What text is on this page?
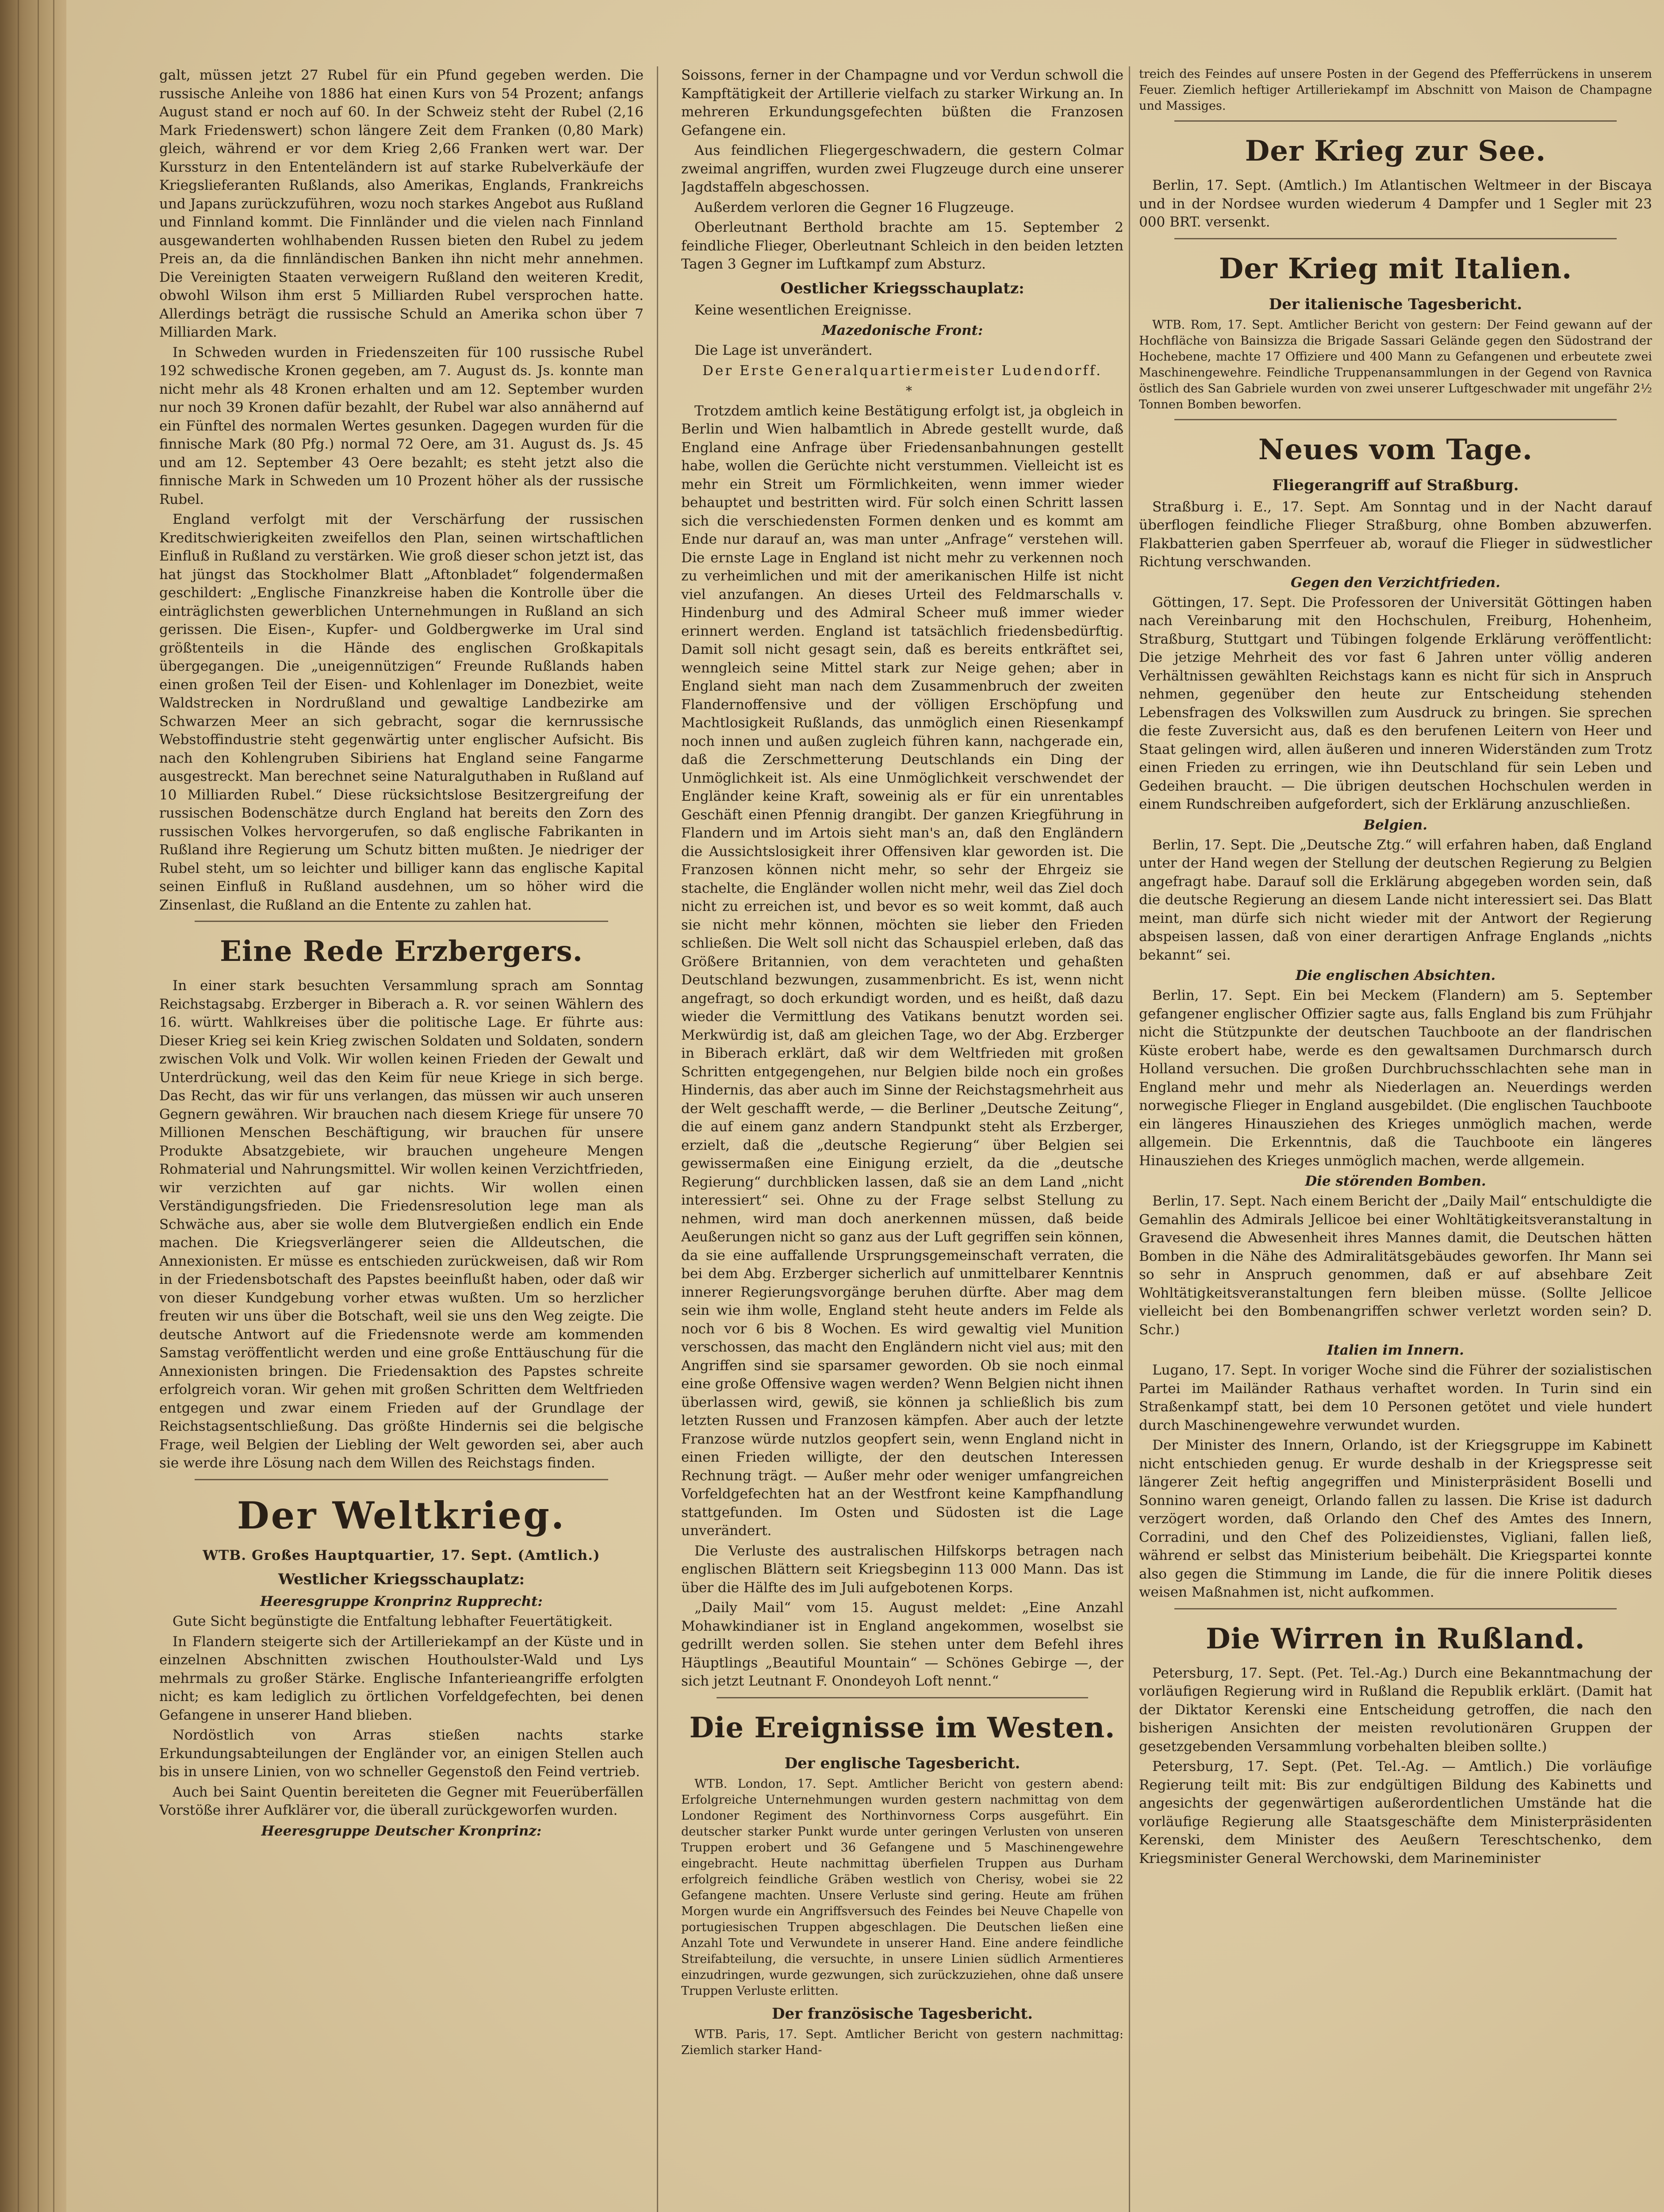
galt, müssen jetzt 27 Rubel für ein Pfund gegeben werden. Die russische Anleihe von 1886 hat einen Kurs von 54 Prozent; anfangs August stand er noch auf 60. In der Schweiz steht der Rubel (2,16 Mark Friedenswert) schon längere Zeit dem Franken (0,80 Mark) gleich, während er vor dem Krieg 2,66 Franken wert war. Der Kurssturz in den Ententeländern ist auf starke Rubelverkäufe der Kriegslieferanten Rußlands, also Amerikas, Englands, Frankreichs und Japans zurückzuführen, wozu noch starkes Angebot aus Rußland und Finnland kommt. Die Finnländer und die vielen nach Finnland ausgewanderten wohlhabenden Russen bieten den Rubel zu jedem Preis an, da die finnländischen Banken ihn nicht mehr annehmen. Die Vereinigten Staaten verweigern Rußland den weiteren Kredit, obwohl Wilson ihm erst 5 Milliarden Rubel versprochen hatte. Allerdings beträgt die russische Schuld an Amerika schon über 7 Milliarden Mark.

In Schweden wurden in Friedenszeiten für 100 russische Rubel 192 schwedische Kronen gegeben, am 7. August ds. Js. konnte man nicht mehr als 48 Kronen erhalten und am 12. September wurden nur noch 39 Kronen dafür bezahlt, der Rubel war also annähernd auf ein Fünftel des normalen Wertes gesunken. Dagegen wurden für die finnische Mark (80 Pfg.) normal 72 Oere, am 31. August ds. Js. 45 und am 12. September 43 Oere bezahlt; es steht jetzt also die finnische Mark in Schweden um 10 Prozent höher als der russische Rubel.

England verfolgt mit der Verschärfung der russischen Kreditschwierigkeiten zweifellos den Plan, seinen wirtschaftlichen Einfluß in Rußland zu verstärken. Wie groß dieser schon jetzt ist, das hat jüngst das Stockholmer Blatt „Aftonbladet“ folgendermaßen geschildert: „Englische Finanzkreise haben die Kontrolle über die einträglichsten gewerblichen Unternehmungen in Rußland an sich gerissen. Die Eisen-, Kupfer- und Goldbergwerke im Ural sind größtenteils in die Hände des englischen Großkapitals übergegangen. Die „uneigennützigen“ Freunde Rußlands haben einen großen Teil der Eisen- und Kohlenlager im Donezbiet, weite Waldstrecken in Nordrußland und gewaltige Landbezirke am Schwarzen Meer an sich gebracht, sogar die kernrussische Webstoffindustrie steht gegenwärtig unter englischer Aufsicht. Bis nach den Kohlengruben Sibiriens hat England seine Fangarme ausgestreckt. Man berechnet seine Naturalguthaben in Rußland auf 10 Milliarden Rubel.“ Diese rücksichtslose Besitzergreifung der russischen Bodenschätze durch England hat bereits den Zorn des russischen Volkes hervorgerufen, so daß englische Fabrikanten in Rußland ihre Regierung um Schutz bitten mußten. Je niedriger der Rubel steht, um so leichter und billiger kann das englische Kapital seinen Einfluß in Rußland ausdehnen, um so höher wird die Zinsenlast, die Rußland an die Entente zu zahlen hat.

Eine Rede Erzbergers.

In einer stark besuchten Versammlung sprach am Sonntag Reichstagsabg. Erzberger in Biberach a. R. vor seinen Wählern des 16. württ. Wahlkreises über die politische Lage. Er führte aus: Dieser Krieg sei kein Krieg zwischen Soldaten und Soldaten, sondern zwischen Volk und Volk. Wir wollen keinen Frieden der Gewalt und Unterdrückung, weil das den Keim für neue Kriege in sich berge. Das Recht, das wir für uns verlangen, das müssen wir auch unseren Gegnern gewähren. Wir brauchen nach diesem Kriege für unsere 70 Millionen Menschen Beschäftigung, wir brauchen für unsere Produkte Absatzgebiete, wir brauchen ungeheure Mengen Rohmaterial und Nahrungsmittel. Wir wollen keinen Verzichtfrieden, wir verzichten auf gar nichts. Wir wollen einen Verständigungsfrieden. Die Friedensresolution lege man als Schwäche aus, aber sie wolle dem Blutvergießen endlich ein Ende machen. Die Kriegsverlängerer seien die Alldeutschen, die Annexionisten. Er müsse es entschieden zurückweisen, daß wir Rom in der Friedensbotschaft des Papstes beeinflußt haben, oder daß wir von dieser Kundgebung vorher etwas wußten. Um so herzlicher freuten wir uns über die Botschaft, weil sie uns den Weg zeigte. Die deutsche Antwort auf die Friedensnote werde am kommenden Samstag veröffentlicht werden und eine große Enttäuschung für die Annexionisten bringen. Die Friedensaktion des Papstes schreite erfolgreich voran. Wir gehen mit großen Schritten dem Weltfrieden entgegen und zwar einem Frieden auf der Grundlage der Reichstagsentschließung. Das größte Hindernis sei die belgische Frage, weil Belgien der Liebling der Welt geworden sei, aber auch sie werde ihre Lösung nach dem Willen des Reichstags finden.

Der Weltkrieg.

WTB. Großes Hauptquartier, 17. Sept. (Amtlich.)

Westlicher Kriegsschauplatz:
Heeresgruppe Kronprinz Rupprecht:

Gute Sicht begünstigte die Entfaltung lebhafter Feuertätigkeit.

In Flandern steigerte sich der Artilleriekampf an der Küste und in einzelnen Abschnitten zwischen Houthoulster-Wald und Lys mehrmals zu großer Stärke. Englische Infanterieangriffe erfolgten nicht; es kam lediglich zu örtlichen Vorfeldgefechten, bei denen Gefangene in unserer Hand blieben.

Nordöstlich von Arras stießen nachts starke Erkundungsabteilungen der Engländer vor, an einigen Stellen auch bis in unsere Linien, von wo schneller Gegenstoß den Feind vertrieb.

Auch bei Saint Quentin bereiteten die Gegner mit Feuerüberfällen Vorstöße ihrer Aufklärer vor, die überall zurückgeworfen wurden.

Heeresgruppe Deutscher Kronprinz:

Soissons, ferner in der Champagne und vor Verdun schwoll die Kampftätigkeit der Artillerie vielfach zu starker Wirkung an. In mehreren Erkundungsgefechten büßten die Franzosen Gefangene ein.

Aus feindlichen Fliegergeschwadern, die gestern Colmar zweimal angriffen, wurden zwei Flugzeuge durch eine unserer Jagdstaffeln abgeschossen.

Außerdem verloren die Gegner 16 Flugzeuge.

Oberleutnant Berthold brachte am 15. September 2 feindliche Flieger, Oberleutnant Schleich in den beiden letzten Tagen 3 Gegner im Luftkampf zum Absturz.

Oestlicher Kriegsschauplatz:

Keine wesentlichen Ereignisse.

Mazedonische Front:

Die Lage ist unverändert.

Der Erste Generalquartiermeister Ludendorff.

*

Trotzdem amtlich keine Bestätigung erfolgt ist, ja obgleich in Berlin und Wien halbamtlich in Abrede gestellt wurde, daß England eine Anfrage über Friedensanbahnungen gestellt habe, wollen die Gerüchte nicht verstummen. Vielleicht ist es mehr ein Streit um Förmlichkeiten, wenn immer wieder behauptet und bestritten wird. Für solch einen Schritt lassen sich die verschiedensten Formen denken und es kommt am Ende nur darauf an, was man unter „Anfrage“ verstehen will. Die ernste Lage in England ist nicht mehr zu verkennen noch zu verheimlichen und mit der amerikanischen Hilfe ist nicht viel anzufangen. An dieses Urteil des Feldmarschalls v. Hindenburg und des Admiral Scheer muß immer wieder erinnert werden. England ist tatsächlich friedensbedürftig. Damit soll nicht gesagt sein, daß es bereits entkräftet sei, wenngleich seine Mittel stark zur Neige gehen; aber in England sieht man nach dem Zusammenbruch der zweiten Flandernoffensive und der völligen Erschöpfung und Machtlosigkeit Rußlands, das unmöglich einen Riesenkampf noch innen und außen zugleich führen kann, nachgerade ein, daß die Zerschmetterung Deutschlands ein Ding der Unmöglichkeit ist. Als eine Unmöglichkeit verschwendet der Engländer keine Kraft, soweinig als er für ein unrentables Geschäft einen Pfennig drangibt. Der ganzen Kriegführung in Flandern und im Artois sieht man's an, daß den Engländern die Aussichtslosigkeit ihrer Offensiven klar geworden ist. Die Franzosen können nicht mehr, so sehr der Ehrgeiz sie stachelte, die Engländer wollen nicht mehr, weil das Ziel doch nicht zu erreichen ist, und bevor es so weit kommt, daß auch sie nicht mehr können, möchten sie lieber den Frieden schließen. Die Welt soll nicht das Schauspiel erleben, daß das Größere Britannien, von dem verachteten und gehaßten Deutschland bezwungen, zusammenbricht. Es ist, wenn nicht angefragt, so doch erkundigt worden, und es heißt, daß dazu wieder die Vermittlung des Vatikans benutzt worden sei. Merkwürdig ist, daß am gleichen Tage, wo der Abg. Erzberger in Biberach erklärt, daß wir dem Weltfrieden mit großen Schritten entgegengehen, nur Belgien bilde noch ein großes Hindernis, das aber auch im Sinne der Reichstagsmehrheit aus der Welt geschafft werde, — die Berliner „Deutsche Zeitung“, die auf einem ganz andern Standpunkt steht als Erzberger, erzielt, daß die „deutsche Regierung“ über Belgien sei gewissermaßen eine Einigung erzielt, da die „deutsche Regierung“ durchblicken lassen, daß sie an dem Land „nicht interessiert“ sei. Ohne zu der Frage selbst Stellung zu nehmen, wird man doch anerkennen müssen, daß beide Aeußerungen nicht so ganz aus der Luft gegriffen sein können, da sie eine auffallende Ursprungsgemeinschaft verraten, die bei dem Abg. Erzberger sicherlich auf unmittelbarer Kenntnis innerer Regierungsvorgänge beruhen dürfte. Aber mag dem sein wie ihm wolle, England steht heute anders im Felde als noch vor 6 bis 8 Wochen. Es wird gewaltig viel Munition verschossen, das macht den Engländern nicht viel aus; mit den Angriffen sind sie sparsamer geworden. Ob sie noch einmal eine große Offensive wagen werden? Wenn Belgien nicht ihnen überlassen wird, gewiß, sie können ja schließlich bis zum letzten Russen und Franzosen kämpfen. Aber auch der letzte Franzose würde nutzlos geopfert sein, wenn England nicht in einen Frieden willigte, der den deutschen Interessen Rechnung trägt. — Außer mehr oder weniger umfangreichen Vorfeldgefechten hat an der Westfront keine Kampfhandlung stattgefunden. Im Osten und Südosten ist die Lage unverändert.

Die Verluste des australischen Hilfskorps betragen nach englischen Blättern seit Kriegsbeginn 113 000 Mann. Das ist über die Hälfte des im Juli aufgebotenen Korps.

„Daily Mail“ vom 15. August meldet: „Eine Anzahl Mohawkindianer ist in England angekommen, woselbst sie gedrillt werden sollen. Sie stehen unter dem Befehl ihres Häuptlings „Beautiful Mountain“ — Schönes Gebirge —, der sich jetzt Leutnant F. Onondeyoh Loft nennt.“

Die Ereignisse im Westen.
Der englische Tagesbericht.

WTB. London, 17. Sept. Amtlicher Bericht von gestern abend: Erfolgreiche Unternehmungen wurden gestern nachmittag von dem Londoner Regiment des Northinvorness Corps ausgeführt. Ein deutscher starker Punkt wurde unter geringen Verlusten von unseren Truppen erobert und 36 Gefangene und 5 Maschinengewehre eingebracht. Heute nachmittag überfielen Truppen aus Durham erfolgreich feindliche Gräben westlich von Cherisy, wobei sie 22 Gefangene machten. Unsere Verluste sind gering. Heute am frühen Morgen wurde ein Angriffsversuch des Feindes bei Neuve Chapelle von portugiesischen Truppen abgeschlagen. Die Deutschen ließen eine Anzahl Tote und Verwundete in unserer Hand. Eine andere feindliche Streifabteilung, die versuchte, in unsere Linien südlich Armentieres einzudringen, wurde gezwungen, sich zurückzuziehen, ohne daß unsere Truppen Verluste erlitten.

Der französische Tagesbericht.

WTB. Paris, 17. Sept. Amtlicher Bericht von gestern nachmittag: Ziemlich starker Hand-

treich des Feindes auf unsere Posten in der Gegend des Pfefferrückens in unserem Feuer. Ziemlich heftiger Artilleriekampf im Abschnitt von Maison de Champagne und Massiges.

Der Krieg zur See.

Berlin, 17. Sept. (Amtlich.) Im Atlantischen Weltmeer in der Biscaya und in der Nordsee wurden wiederum 4 Dampfer und 1 Segler mit 23 000 BRT. versenkt.

Der Krieg mit Italien.
Der italienische Tagesbericht.

WTB. Rom, 17. Sept. Amtlicher Bericht von gestern: Der Feind gewann auf der Hochfläche von Bainsizza die Brigade Sassari Gelände gegen den Südostrand der Hochebene, machte 17 Offiziere und 400 Mann zu Gefangenen und erbeutete zwei Maschinengewehre. Feindliche Truppenansammlungen in der Gegend von Ravnica östlich des San Gabriele wurden von zwei unserer Luftgeschwader mit ungefähr 2½ Tonnen Bomben beworfen.

Neues vom Tage.
Fliegerangriff auf Straßburg.

Straßburg i. E., 17. Sept. Am Sonntag und in der Nacht darauf überflogen feindliche Flieger Straßburg, ohne Bomben abzuwerfen. Flakbatterien gaben Sperrfeuer ab, worauf die Flieger in südwestlicher Richtung verschwanden.

Gegen den Verzichtfrieden.

Göttingen, 17. Sept. Die Professoren der Universität Göttingen haben nach Vereinbarung mit den Hochschulen, Freiburg, Hohenheim, Straßburg, Stuttgart und Tübingen folgende Erklärung veröffentlicht: Die jetzige Mehrheit des vor fast 6 Jahren unter völlig anderen Verhältnissen gewählten Reichstags kann es nicht für sich in Anspruch nehmen, gegenüber den heute zur Entscheidung stehenden Lebensfragen des Volkswillen zum Ausdruck zu bringen. Sie sprechen die feste Zuversicht aus, daß es den berufenen Leitern von Heer und Staat gelingen wird, allen äußeren und inneren Widerständen zum Trotz einen Frieden zu erringen, wie ihn Deutschland für sein Leben und Gedeihen braucht. — Die übrigen deutschen Hochschulen werden in einem Rundschreiben aufgefordert, sich der Erklärung anzuschließen.

Belgien.

Berlin, 17. Sept. Die „Deutsche Ztg.“ will erfahren haben, daß England unter der Hand wegen der Stellung der deutschen Regierung zu Belgien angefragt habe. Darauf soll die Erklärung abgegeben worden sein, daß die deutsche Regierung an diesem Lande nicht interessiert sei. Das Blatt meint, man dürfe sich nicht wieder mit der Antwort der Regierung abspeisen lassen, daß von einer derartigen Anfrage Englands „nichts bekannt“ sei.

Die englischen Absichten.

Berlin, 17. Sept. Ein bei Meckem (Flandern) am 5. September gefangener englischer Offizier sagte aus, falls England bis zum Frühjahr nicht die Stützpunkte der deutschen Tauchboote an der flandrischen Küste erobert habe, werde es den gewaltsamen Durchmarsch durch Holland versuchen. Die großen Durchbruchsschlachten sehe man in England mehr und mehr als Niederlagen an. Neuerdings werden norwegische Flieger in England ausgebildet. (Die englischen Tauchboote ein längeres Hinausziehen des Krieges unmöglich machen, werde allgemein. Die Erkenntnis, daß die Tauchboote ein längeres Hinausziehen des Krieges unmöglich machen, werde allgemein.

Die störenden Bomben.

Berlin, 17. Sept. Nach einem Bericht der „Daily Mail“ entschuldigte die Gemahlin des Admirals Jellicoe bei einer Wohltätigkeitsveranstaltung in Gravesend die Abwesenheit ihres Mannes damit, die Deutschen hätten Bomben in die Nähe des Admiralitätsgebäudes geworfen. Ihr Mann sei so sehr in Anspruch genommen, daß er auf absehbare Zeit Wohltätigkeitsveranstaltungen fern bleiben müsse. (Sollte Jellicoe vielleicht bei den Bombenangriffen schwer verletzt worden sein? D. Schr.)

Italien im Innern.

Lugano, 17. Sept. In voriger Woche sind die Führer der sozialistischen Partei im Mailänder Rathaus verhaftet worden. In Turin sind ein Straßenkampf statt, bei dem 10 Personen getötet und viele hundert durch Maschinengewehre verwundet wurden.

Der Minister des Innern, Orlando, ist der Kriegsgruppe im Kabinett nicht entschieden genug. Er wurde deshalb in der Kriegspresse seit längerer Zeit heftig angegriffen und Ministerpräsident Boselli und Sonnino waren geneigt, Orlando fallen zu lassen. Die Krise ist dadurch verzögert worden, daß Orlando den Chef des Amtes des Innern, Corradini, und den Chef des Polizeidienstes, Vigliani, fallen ließ, während er selbst das Ministerium beibehält. Die Kriegspartei konnte also gegen die Stimmung im Lande, die für die innere Politik dieses weisen Maßnahmen ist, nicht aufkommen.

Die Wirren in Rußland.

Petersburg, 17. Sept. (Pet. Tel.-Ag.) Durch eine Bekanntmachung der vorläufigen Regierung wird in Rußland die Republik erklärt. (Damit hat der Diktator Kerenski eine Entscheidung getroffen, die nach den bisherigen Ansichten der meisten revolutionären Gruppen der gesetzgebenden Versammlung vorbehalten bleiben sollte.)

Petersburg, 17. Sept. (Pet. Tel.-Ag. — Amtlich.) Die vorläufige Regierung teilt mit: Bis zur endgültigen Bildung des Kabinetts und angesichts der gegenwärtigen außerordentlichen Umstände hat die vorläufige Regierung alle Staatsgeschäfte dem Ministerpräsidenten Kerenski, dem Minister des Aeußern Tereschtschenko, dem Kriegsminister General Werchowski, dem Marineminister
